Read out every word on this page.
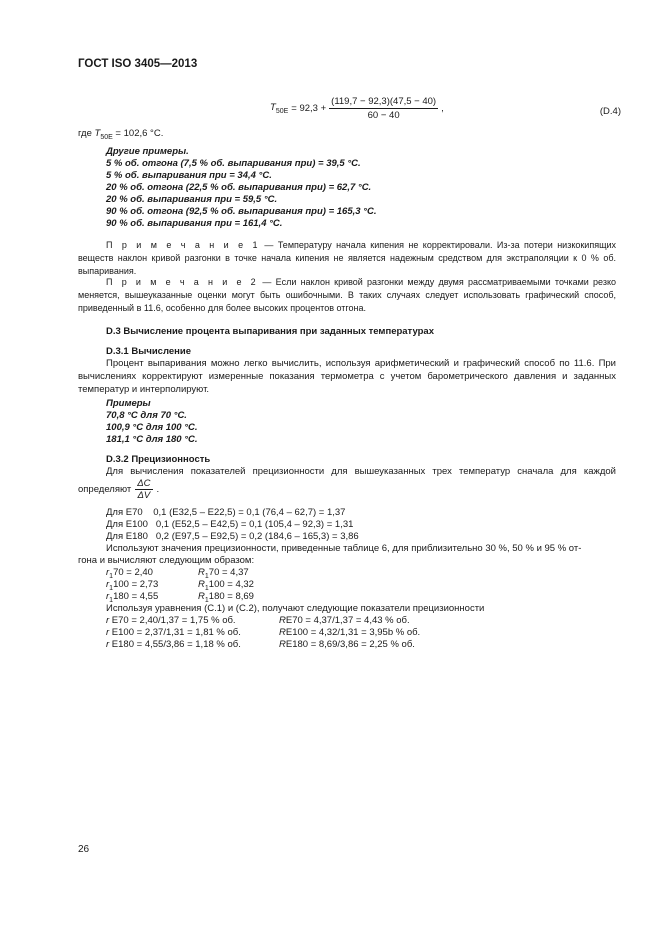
ГОСТ ISO 3405—2013
$T_{50E} = 92,3 + \frac{(119,7 - 92,3)(47,5 - 40)}{60 - 40}$ ,	(D.4)
где $T_{50E} = 102,6$ °С.
Другие примеры.
5 % об. отгона (7,5 % об. выпаривания при) = 39,5 °С.
5 % об. выпаривания при = 34,4 °С.
20 % об. отгона (22,5 % об. выпаривания при) = 62,7 °С.
20 % об. выпаривания при = 59,5 °С.
90 % об. отгона (92,5 % об. выпаривания при) = 165,3 °С.
90 % об. выпаривания при = 161,4 °С.
П р и м е ч а н и е 1 — Температуру начала кипения не корректировали. Из-за потери низкокипящих веществ наклон кривой разгонки в точке начала кипения не является надежным средством для экстраполяции к 0 % об. выпаривания.
П р и м е ч а н и е 2 — Если наклон кривой разгонки между двумя рассматриваемыми точками резко меняется, вышеуказанные оценки могут быть ошибочными. В таких случаях следует использовать графический способ, приведенный в 11.6, особенно для более высоких процентов отгона.
D.3 Вычисление процента выпаривания при заданных температурах
D.3.1 Вычисление
Процент выпаривания можно легко вычислить, используя арифметический и графический способ по 11.6. При вычислениях корректируют измеренные показания термометра с учетом барометрического давления и заданных температур и интерполируют.
Примеры
70,8 °С для 70 °С.
100,9 °С для 100 °С.
181,1 °С для 180 °С.
D.3.2 Прецизионность
Для вычисления показателей прецизионности для вышеуказанных трех температур сначала для каждой
определяют
ΔC
ΔV
.
Для Е70    0,1 (Е32,5 – Е22,5) = 0,1 (76,4 – 62,7) = 1,37
Для Е100   0,1 (Е52,5 – Е42,5) = 0,1 (105,4 – 92,3) = 1,31
Для Е180   0,2 (Е97,5 – Е92,5) = 0,2 (184,6 – 165,3) = 3,86
Используют значения прецизионности, приведенные таблице 6, для приблизительно 30 %, 50 % и 95 % от-
гона и вычисляют следующим образом:
$r_170 = 2,40$	$R_170 = 4,37$
$r_1100 = 2,73$	$R_1100 = 4,32$
$r_1180 = 4,55$	$R_1180 = 8,69$
Используя уравнения (С.1) и (С.2), получают следующие показатели прецизионности
r Е70 = 2,40/1,37 = 1,75 % об.	RЕ70 = 4,37/1,37 = 4,43 % об.
r Е100 = 2,37/1,31 = 1,81 % об.	RЕ100 = 4,32/1,31 = 3,95b % об.
r Е180 = 4,55/3,86 = 1,18 % об.	RЕ180 = 8,69/3,86 = 2,25 % об.
26
